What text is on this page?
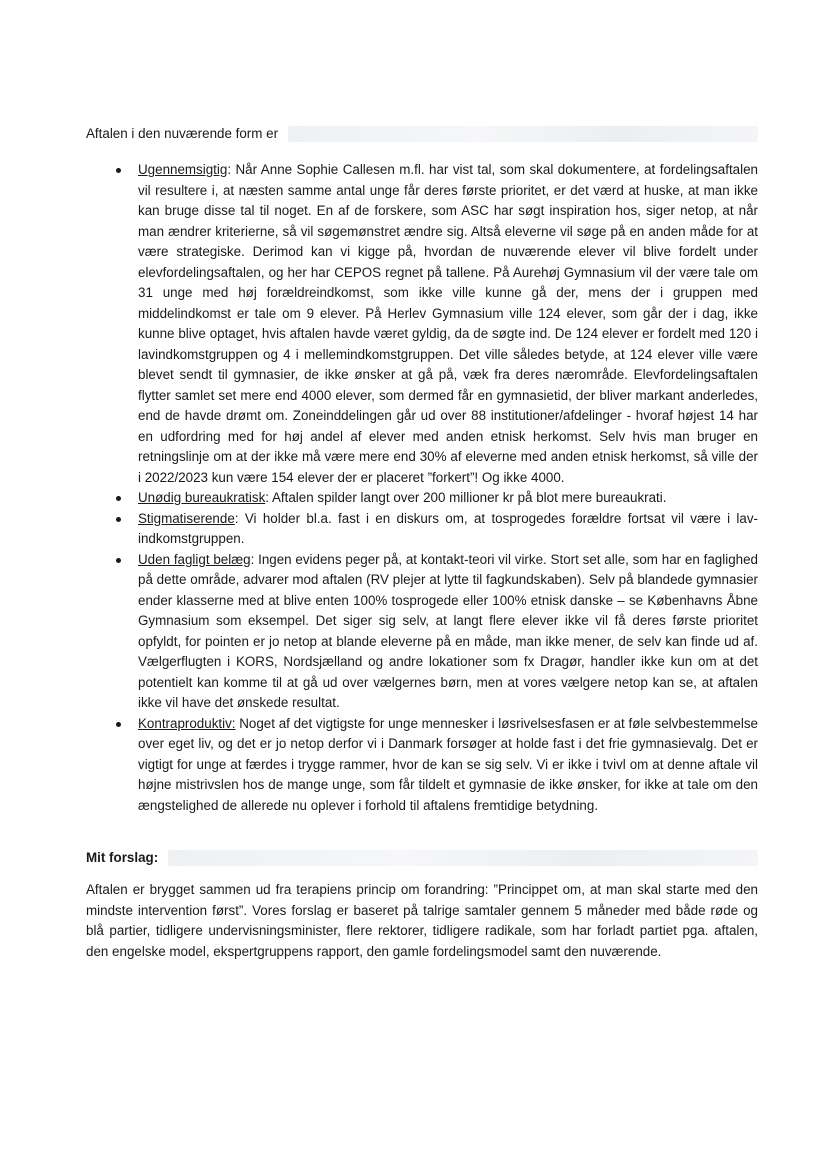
Aftalen i den nuværende form er
Ugennemsigtig: Når Anne Sophie Callesen m.fl. har vist tal, som skal dokumentere, at fordelingsaftalen vil resultere i, at næsten samme antal unge får deres første prioritet, er det værd at huske, at man ikke kan bruge disse tal til noget. En af de forskere, som ASC har søgt inspiration hos, siger netop, at når man ændrer kriterierne, så vil søgemønstret ændre sig. Altså eleverne vil søge på en anden måde for at være strategiske. Derimod kan vi kigge på, hvordan de nuværende elever vil blive fordelt under elevfordelingsaftalen, og her har CEPOS regnet på tallene. På Aurehøj Gymnasium vil der være tale om 31 unge med høj forældreindkomst, som ikke ville kunne gå der, mens der i gruppen med middelindkomst er tale om 9 elever. På Herlev Gymnasium ville 124 elever, som går der i dag, ikke kunne blive optaget, hvis aftalen havde været gyldig, da de søgte ind. De 124 elever er fordelt med 120 i lavindkomstgruppen og 4 i mellemindkomstgruppen. Det ville således betyde, at 124 elever ville være blevet sendt til gymnasier, de ikke ønsker at gå på, væk fra deres nærområde. Elevfordelingsaftalen flytter samlet set mere end 4000 elever, som dermed får en gymnasietid, der bliver markant anderledes, end de havde drømt om. Zoneinddelingen går ud over 88 institutioner/afdelinger - hvoraf højest 14 har en udfordring med for høj andel af elever med anden etnisk herkomst. Selv hvis man bruger en retningslinje om at der ikke må være mere end 30% af eleverne med anden etnisk herkomst, så ville der i 2022/2023 kun være 154 elever der er placeret ”forkert”! Og ikke 4000.
Unødig bureaukratisk: Aftalen spilder langt over 200 millioner kr på blot mere bureaukrati.
Stigmatiserende: Vi holder bl.a. fast i en diskurs om, at tosprogedes forældre fortsat vil være i lav-indkomstgruppen.
Uden fagligt belæg: Ingen evidens peger på, at kontakt-teori vil virke. Stort set alle, som har en faglighed på dette område, advarer mod aftalen (RV plejer at lytte til fagkundskaben). Selv på blandede gymnasier ender klasserne med at blive enten 100% tosprogede eller 100% etnisk danske – se Københavns Åbne Gymnasium som eksempel. Det siger sig selv, at langt flere elever ikke vil få deres første prioritet opfyldt, for pointen er jo netop at blande eleverne på en måde, man ikke mener, de selv kan finde ud af. Vælgerflugten i KORS, Nordsjælland og andre lokationer som fx Dragør, handler ikke kun om at det potentielt kan komme til at gå ud over vælgernes børn, men at vores vælgere netop kan se, at aftalen ikke vil have det ønskede resultat.
Kontraproduktiv: Noget af det vigtigste for unge mennesker i løsrivelsesfasen er at føle selvbestemmelse over eget liv, og det er jo netop derfor vi i Danmark forsøger at holde fast i det frie gymnasievalg. Det er vigtigt for unge at færdes i trygge rammer, hvor de kan se sig selv. Vi er ikke i tvivl om at denne aftale vil højne mistrivslen hos de mange unge, som får tildelt et gymnasie de ikke ønsker, for ikke at tale om den ængstelighed de allerede nu oplever i forhold til aftalens fremtidige betydning.
Mit forslag:

Aftalen er brygget sammen ud fra terapiens princip om forandring: ”Princippet om, at man skal starte med den mindste intervention først”. Vores forslag er baseret på talrige samtaler gennem 5 måneder med både røde og blå partier, tidligere undervisningsminister, flere rektorer, tidligere radikale, som har forladt partiet pga. aftalen, den engelske model, ekspertgruppens rapport, den gamle fordelingsmodel samt den nuværende.
